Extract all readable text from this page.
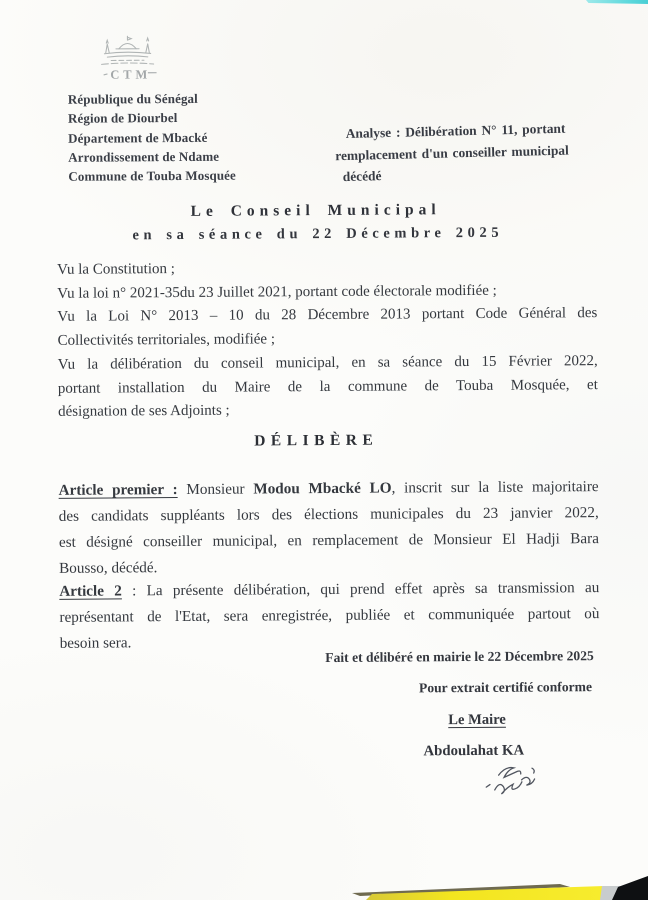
CTM
République du Sénégal
Région de Diourbel
Département de Mbacké
Arrondissement de Ndame
Commune de Touba Mosquée
Analyse : Délibération N° 11, portant
remplacement d'un conseiller municipal
décédé
Le Conseil Municipal
en sa séance du 22 Décembre 2025
Vu la Constitution ;
Vu la loi n° 2021-35du 23 Juillet 2021, portant code électorale modifiée ;
Vu la Loi N° 2013 – 10 du 28 Décembre 2013 portant Code Général des
Collectivités territoriales, modifiée ;
Vu la délibération du conseil municipal, en sa séance du 15 Février 2022,
portant installation du Maire de la commune de Touba Mosquée, et
désignation de ses Adjoints ;
DÉLIBÈRE
Article premier : Monsieur Modou Mbacké LO, inscrit sur la liste majoritaire
des candidats suppléants lors des élections municipales du 23 janvier 2022,
est désigné conseiller municipal, en remplacement de Monsieur El Hadji Bara
Bousso, décédé.
Article 2 : La présente délibération, qui prend effet après sa transmission au
représentant de l'Etat, sera enregistrée, publiée et communiquée partout où
besoin sera.
Fait et délibéré en mairie le 22 Décembre 2025
Pour extrait certifié conforme
Le Maire
Abdoulahat KA
